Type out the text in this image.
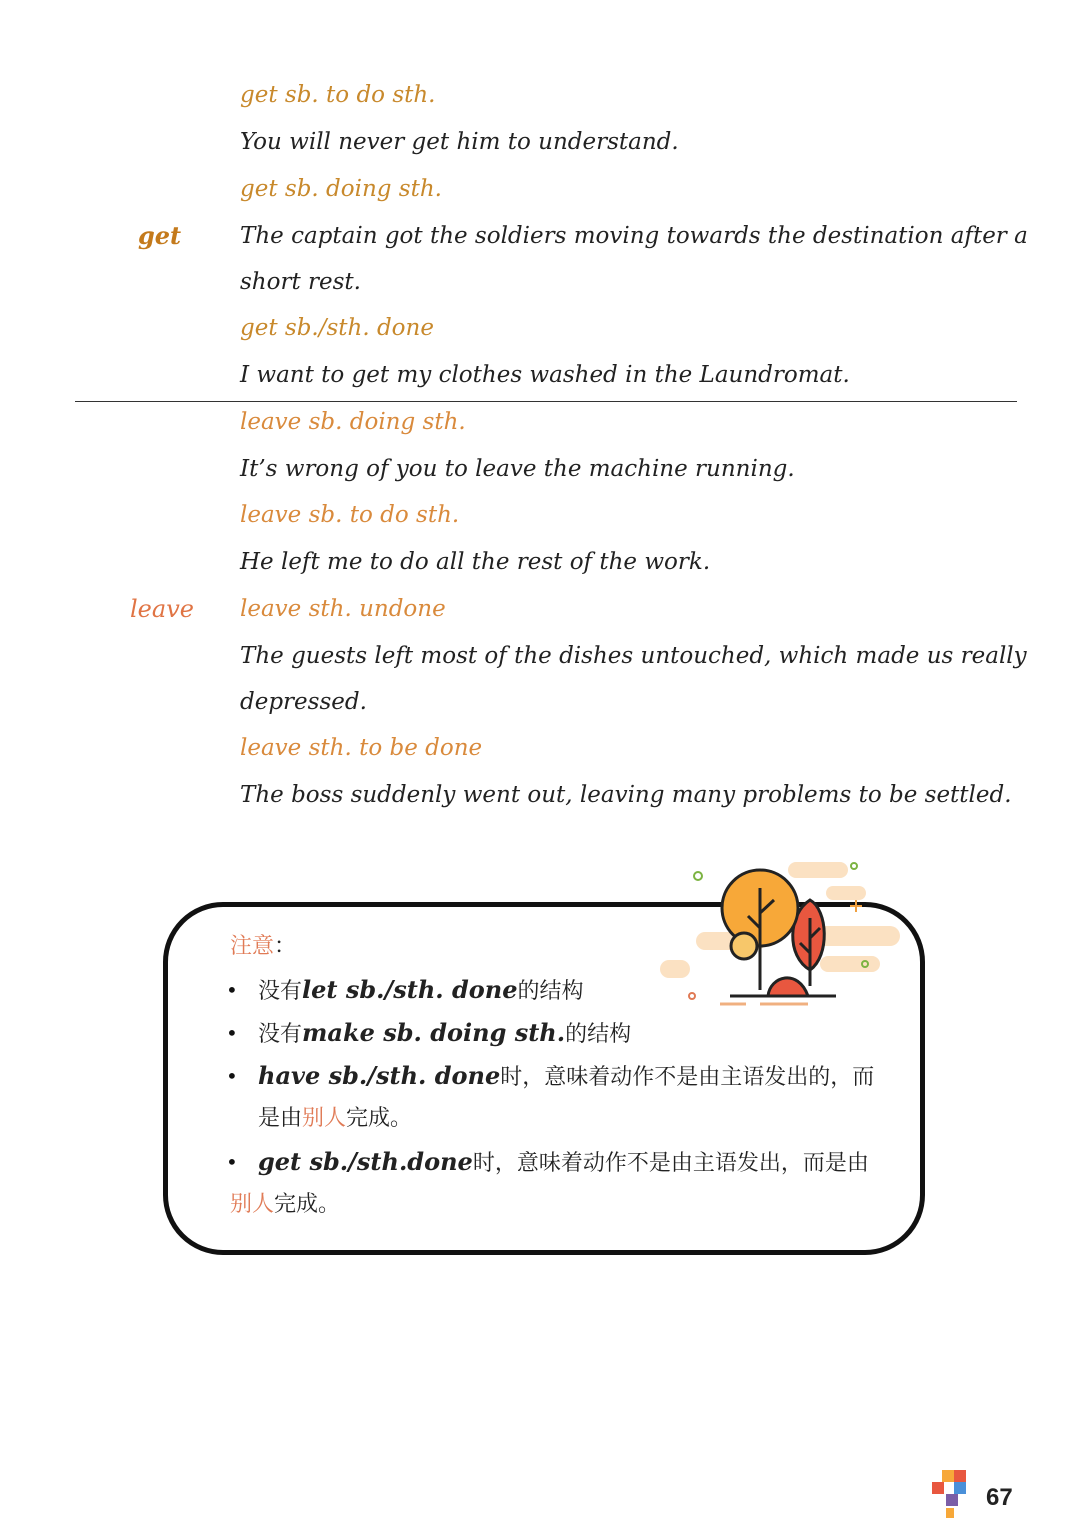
get sb. to do sth.
You will never get him to understand.
get sb. doing sth.
get	The captain got the soldiers moving towards the destination after a
short rest.
get sb./sth. done
I want to get my clothes washed in the Laundromat.
leave sb. doing sth.
It’s wrong of you to leave the machine running.
leave sb. to do sth.
He left me to do all the rest of the work.
leave leave sth. undone
The guests left most of the dishes untouched, which made us really
depressed.
leave sth. to be done
The boss suddenly went out, leaving many problems to be settled.
注意：
• 没有let sb./sth. done的结构
• 没有make sb. doing sth.的结构
• have sb./sth. done时，意味着动作不是由主语发出的，而
是由别人完成。
• get sb./sth.done时，意味着动作不是由主语发出，而是由
别人完成。
67
